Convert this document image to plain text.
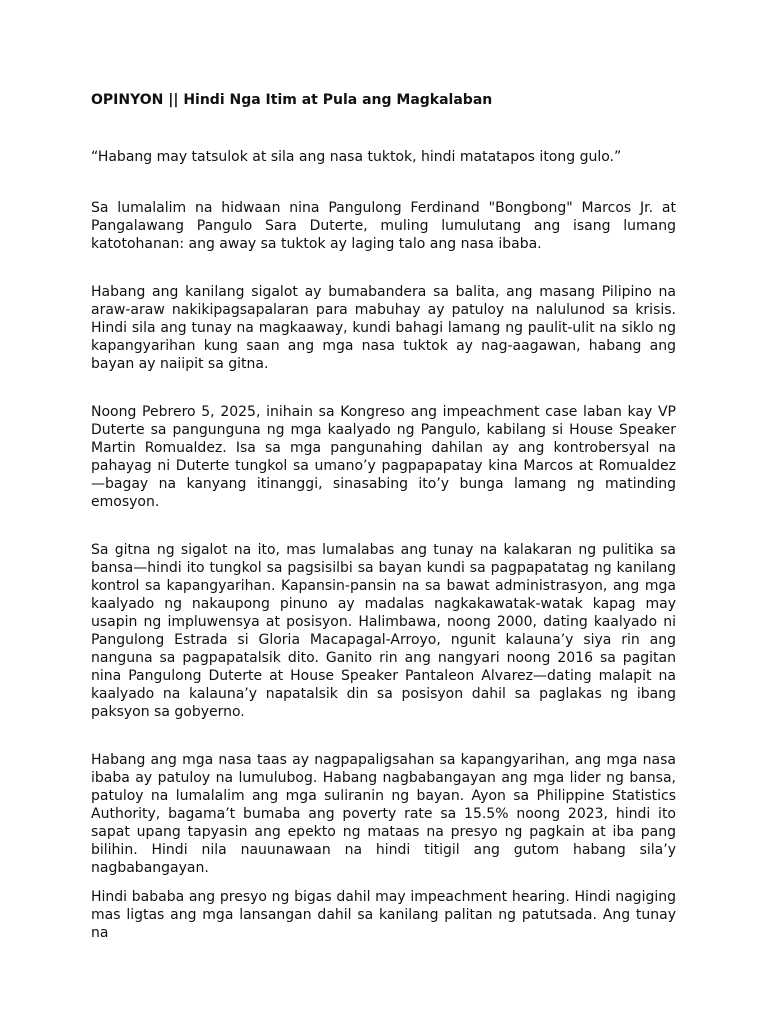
OPINYON || Hindi Nga Itim at Pula ang Magkalaban
“Habang may tatsulok at sila ang nasa tuktok, hindi matatapos itong gulo.”

Sa lumalalim na hidwaan nina Pangulong Ferdinand "Bongbong" Marcos Jr. at Pangalawang Pangulo Sara Duterte, muling lumulutang ang isang lumang katotohanan: ang away sa tuktok ay laging talo ang nasa ibaba.

Habang ang kanilang sigalot ay bumabandera sa balita, ang masang Pilipino na araw-araw nakikipagsapalaran para mabuhay ay patuloy na nalulunod sa krisis. Hindi sila ang tunay na magkaaway, kundi bahagi lamang ng paulit-ulit na siklo ng kapangyarihan kung saan ang mga nasa tuktok ay nag-aagawan, habang ang bayan ay naiipit sa gitna.

Noong Pebrero 5, 2025, inihain sa Kongreso ang impeachment case laban kay VP Duterte sa pangunguna ng mga kaalyado ng Pangulo, kabilang si House Speaker Martin Romualdez. Isa sa mga pangunahing dahilan ay ang kontrobersyal na pahayag ni Duterte tungkol sa umano’y pagpapapatay kina Marcos at Romualdez—bagay na kanyang itinanggi, sinasabing ito’y bunga lamang ng matinding emosyon.

Sa gitna ng sigalot na ito, mas lumalabas ang tunay na kalakaran ng pulitika sa bansa—hindi ito tungkol sa pagsisilbi sa bayan kundi sa pagpapatatag ng kanilang kontrol sa kapangyarihan. Kapansin-pansin na sa bawat administrasyon, ang mga kaalyado ng nakaupong pinuno ay madalas nagkakawatak-watak kapag may usapin ng impluwensya at posisyon. Halimbawa, noong 2000, dating kaalyado ni Pangulong Estrada si Gloria Macapagal-Arroyo, ngunit kalauna’y siya rin ang nanguna sa pagpapatalsik dito. Ganito rin ang nangyari noong 2016 sa pagitan nina Pangulong Duterte at House Speaker Pantaleon Alvarez—dating malapit na kaalyado na kalauna’y napatalsik din sa posisyon dahil sa paglakas ng ibang paksyon sa gobyerno.

Habang ang mga nasa taas ay nagpapaligsahan sa kapangyarihan, ang mga nasa ibaba ay patuloy na lumulubog. Habang nagbabangayan ang mga lider ng bansa, patuloy na lumalalim ang mga suliranin ng bayan. Ayon sa Philippine Statistics Authority, bagama’t bumaba ang poverty rate sa 15.5% noong 2023, hindi ito sapat upang tapyasin ang epekto ng mataas na presyo ng pagkain at iba pang bilihin. Hindi nila nauunawaan na hindi titigil ang gutom habang sila’y nagbabangayan.

Hindi bababa ang presyo ng bigas dahil may impeachment hearing. Hindi nagiging mas ligtas ang mga lansangan dahil sa kanilang palitan ng patutsada. Ang tunay na
